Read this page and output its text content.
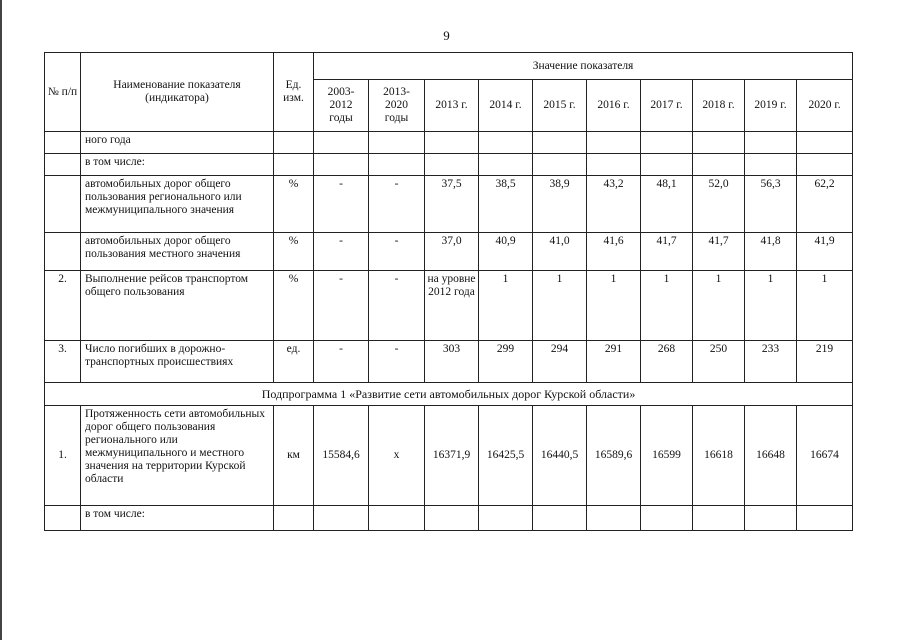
9
№ п/п	Наименование показателя (индикатора)	Ед. изм.	Значение показателя									
			2003-2012 годы	2013-2020 годы	2013 г.	2014 г.	2015 г.	2016 г.	2017 г.	2018 г.	2019 г.	2020 г.
	ного года											
	в том числе:											
	автомобильных дорог общего пользования регионального или межмуниципального значения	%	-	-	37,5	38,5	38,9	43,2	48,1	52,0	56,3	62,2
	автомобильных дорог общего пользования местного значения	%	-	-	37,0	40,9	41,0	41,6	41,7	41,7	41,8	41,9
2.	Выполнение рейсов транспортом общего пользования	%	-	-	на уровне 2012 года	1	1	1	1	1	1	1
3.	Число погибших в дорожно-транспортных происшествиях	ед.	-	-	303	299	294	291	268	250	233	219
Подпрограмма 1 «Развитие сети автомобильных дорог Курской области»												
1.	Протяженность сети автомобильных дорог общего пользования регионального или межмуниципального и местного значения на территории Курской области	км	15584,6	х	16371,9	16425,5	16440,5	16589,6	16599	16618	16648	16674
	в том числе:											
